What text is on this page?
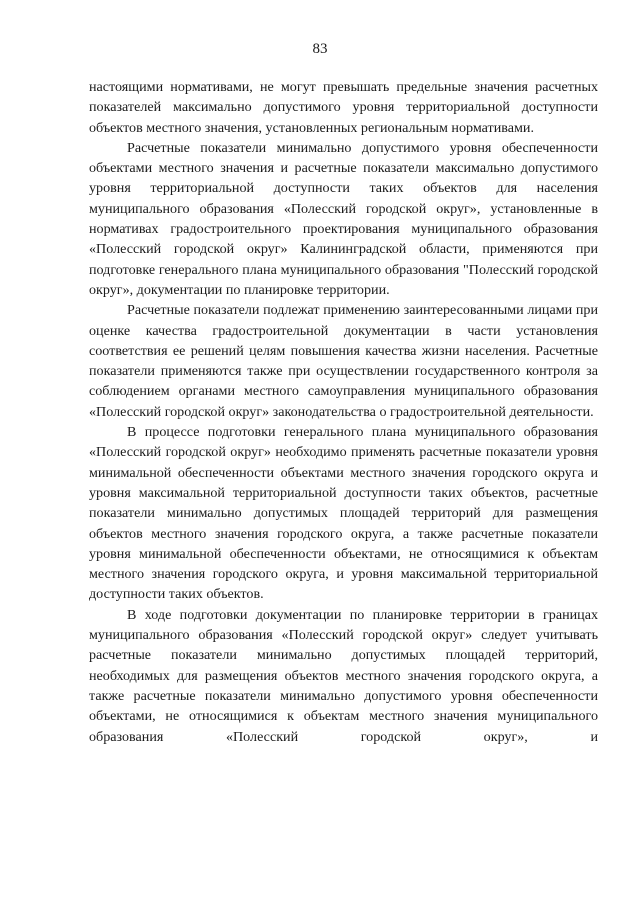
83

настоящими нормативами, не могут превышать предельные значения расчетных показателей максимально допустимого уровня территориальной доступности объектов местного значения, установленных региональным нормативами.

Расчетные показатели минимально допустимого уровня обеспеченности объектами местного значения и расчетные показатели максимально допустимого уровня территориальной доступности таких объектов для населения муниципального образования «Полесский городской округ», установленные в нормативах градостроительного проектирования муниципального образования «Полесский городской округ» Калининградской области, применяются при подготовке генерального плана муниципального образования "Полесский городской округ», документации по планировке территории.

Расчетные показатели подлежат применению заинтересованными лицами при оценке качества градостроительной документации в части установления соответствия ее решений целям повышения качества жизни населения. Расчетные показатели применяются также при осуществлении государственного контроля за соблюдением органами местного самоуправления муниципального образования «Полесский городской округ» законодательства о градостроительной деятельности.

В процессе подготовки генерального плана муниципального образования «Полесский городской округ» необходимо применять расчетные показатели уровня минимальной обеспеченности объектами местного значения городского округа и уровня максимальной территориальной доступности таких объектов, расчетные показатели минимально допустимых площадей территорий для размещения объектов местного значения городского округа, а также расчетные показатели уровня минимальной обеспеченности объектами, не относящимися к объектам местного значения городского округа, и уровня максимальной территориальной доступности таких объектов.

В ходе подготовки документации по планировке территории в границах муниципального образования «Полесский городской округ» следует учитывать расчетные показатели минимально допустимых площадей территорий, необходимых для размещения объектов местного значения городского округа, а также расчетные показатели минимально допустимого уровня обеспеченности объектами, не относящимися к объектам местного значения муниципального образования «Полесский городской округ», и
